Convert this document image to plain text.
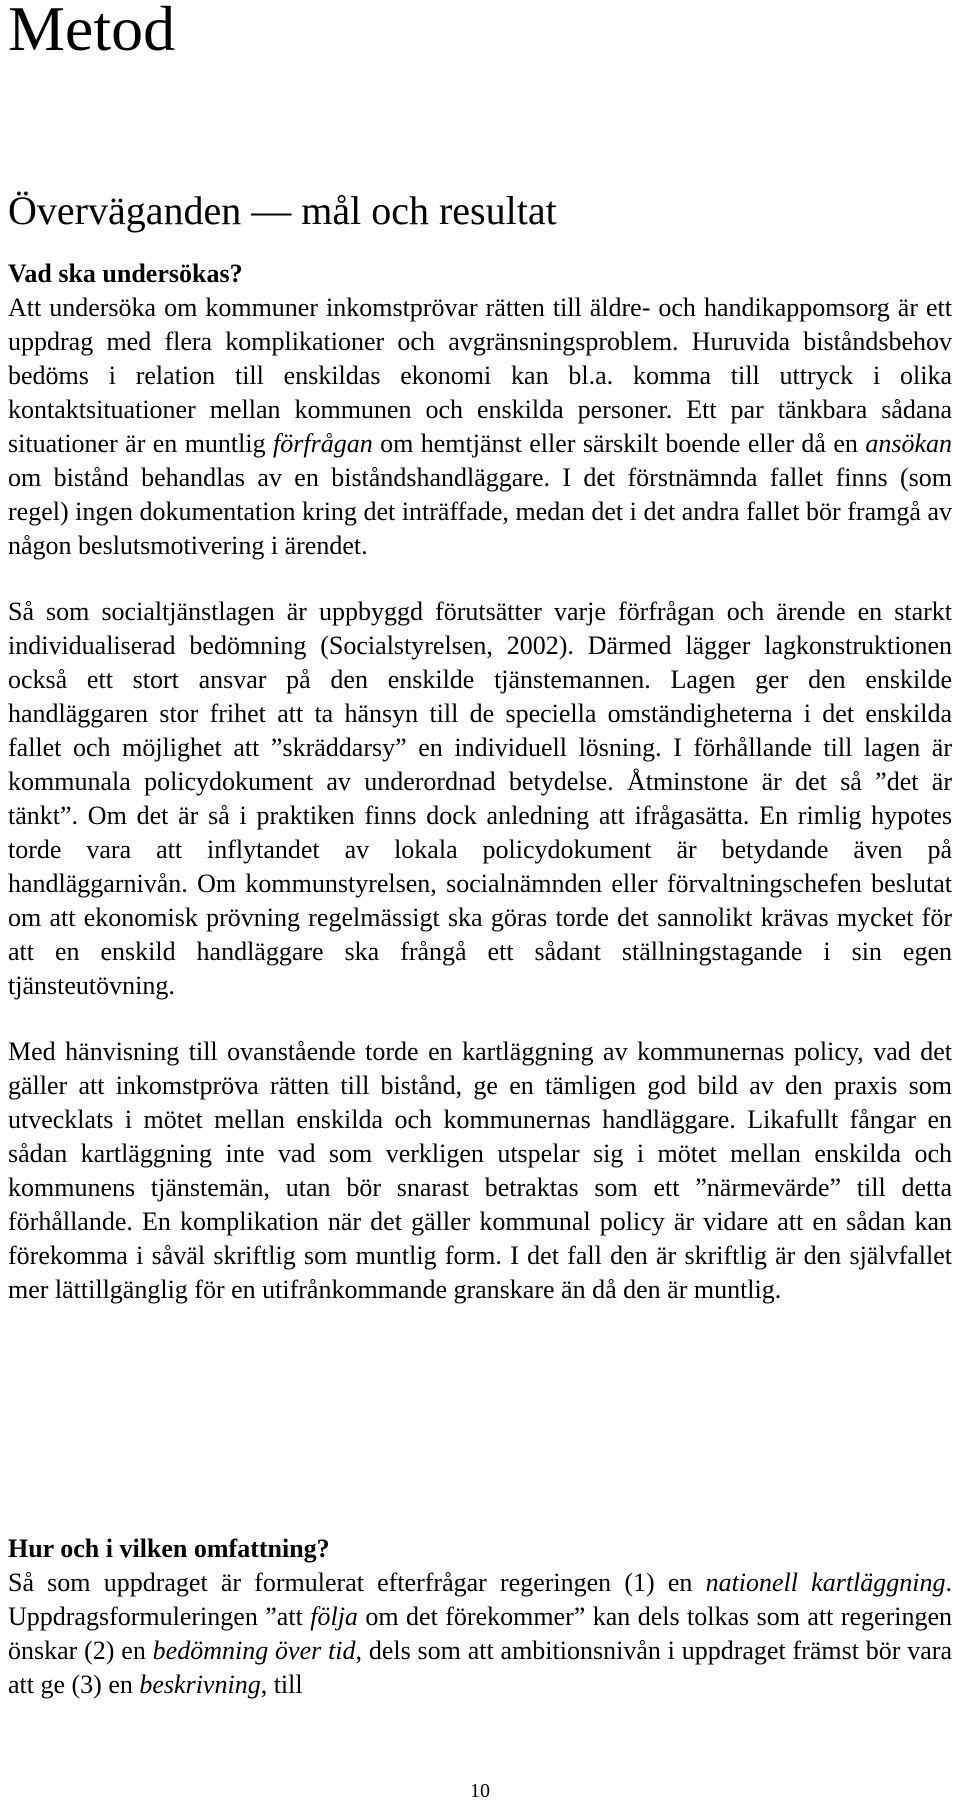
Metod
Överväganden — mål och resultat
Vad ska undersökas?

Att undersöka om kommuner inkomstprövar rätten till äldre- och handikappomsorg är ett uppdrag med flera komplikationer och avgränsningsproblem. Huruvida biståndsbehov bedöms i relation till enskildas ekonomi kan bl.a. komma till uttryck i olika kontaktsituationer mellan kommunen och enskilda personer. Ett par tänkbara sådana situationer är en muntlig förfrågan om hemtjänst eller särskilt boende eller då en ansökan om bistånd behandlas av en biståndshandläggare. I det förstnämnda fallet finns (som regel) ingen dokumentation kring det inträffade, medan det i det andra fallet bör framgå av någon beslutsmotivering i ärendet.

Så som socialtjänstlagen är uppbyggd förutsätter varje förfrågan och ärende en starkt individualiserad bedömning (Socialstyrelsen, 2002). Därmed lägger lagkonstruktionen också ett stort ansvar på den enskilde tjänstemannen. Lagen ger den enskilde handläggaren stor frihet att ta hänsyn till de speciella omständigheterna i det enskilda fallet och möjlighet att ”skräddarsy” en individuell lösning. I förhållande till lagen är kommunala policydokument av underordnad betydelse. Åtminstone är det så ”det är tänkt”. Om det är så i praktiken finns dock anledning att ifrågasätta. En rimlig hypotes torde vara att inflytandet av lokala policydokument är betydande även på handläggarnivån. Om kommunstyrelsen, socialnämnden eller förvaltningschefen beslutat om att ekonomisk prövning regelmässigt ska göras torde det sannolikt krävas mycket för att en enskild handläggare ska frångå ett sådant ställningstagande i sin egen tjänsteutövning.

Med hänvisning till ovanstående torde en kartläggning av kommunernas policy, vad det gäller att inkomstpröva rätten till bistånd, ge en tämligen god bild av den praxis som utvecklats i mötet mellan enskilda och kommunernas handläggare. Likafullt fångar en sådan kartläggning inte vad som verkligen utspelar sig i mötet mellan enskilda och kommunens tjänstemän, utan bör snarast betraktas som ett ”närmevärde” till detta förhållande. En komplikation när det gäller kommunal policy är vidare att en sådan kan förekomma i såväl skriftlig som muntlig form. I det fall den är skriftlig är den självfallet mer lättillgänglig för en utifrånkommande granskare än då den är muntlig.

Hur och i vilken omfattning?

Så som uppdraget är formulerat efterfrågar regeringen (1) en nationell kartläggning. Uppdragsformuleringen ”att följa om det förekommer” kan dels tolkas som att regeringen önskar (2) en bedömning över tid, dels som att ambitionsnivån i uppdraget främst bör vara att ge (3) en beskrivning, till

10
